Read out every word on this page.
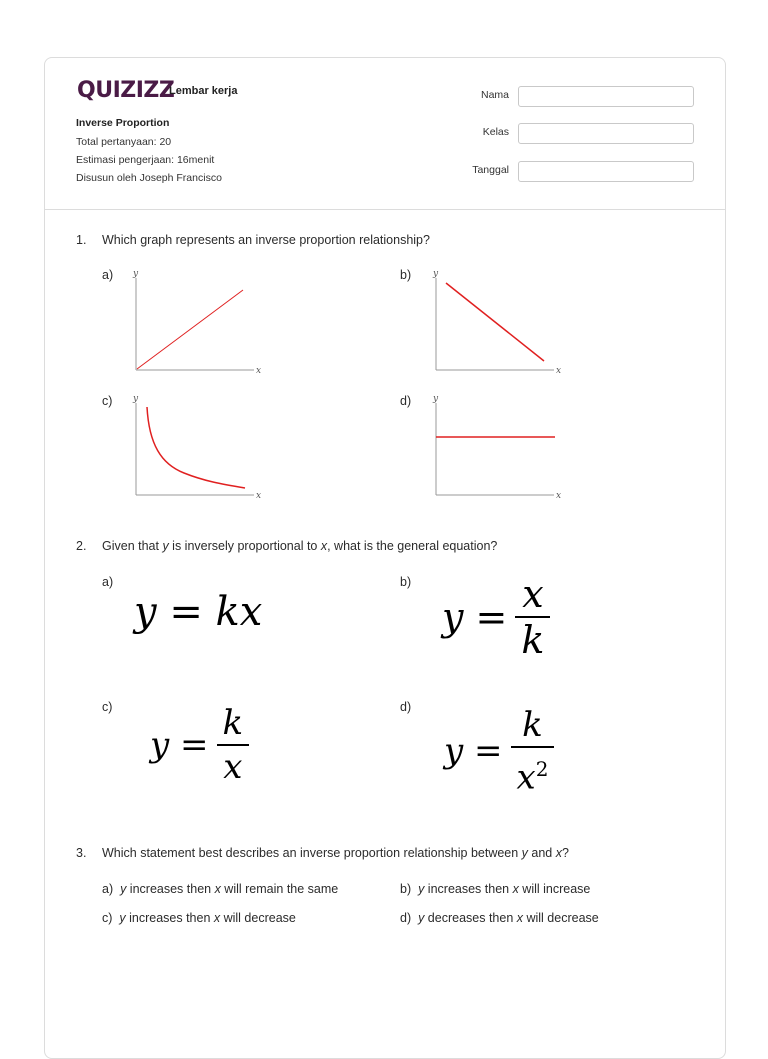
QUIZIZZ
Lembar kerja
Inverse Proportion
Total pertanyaan: 20
Estimasi pengerjaan: 16menit
Disusun oleh Joseph Francisco
Nama
Kelas
Tanggal
1. Which graph represents an inverse proportion relationship?
a)	b)
c)	d)
y
x
y
x
y
x
y
x
2. Given that y is inversely proportional to x, what is the general equation?
a)	b)
c)	d)
y = kx	$y = \frac{x}{k}$
$y = \frac{k}{x}$	$y = \frac{k}{x^2}$
3. Which statement best describes an inverse proportion relationship between y and x?
a) y increases then x will remain the same	b) y increases then x will increase
c) y increases then x will decrease	d) y decreases then x will decrease
